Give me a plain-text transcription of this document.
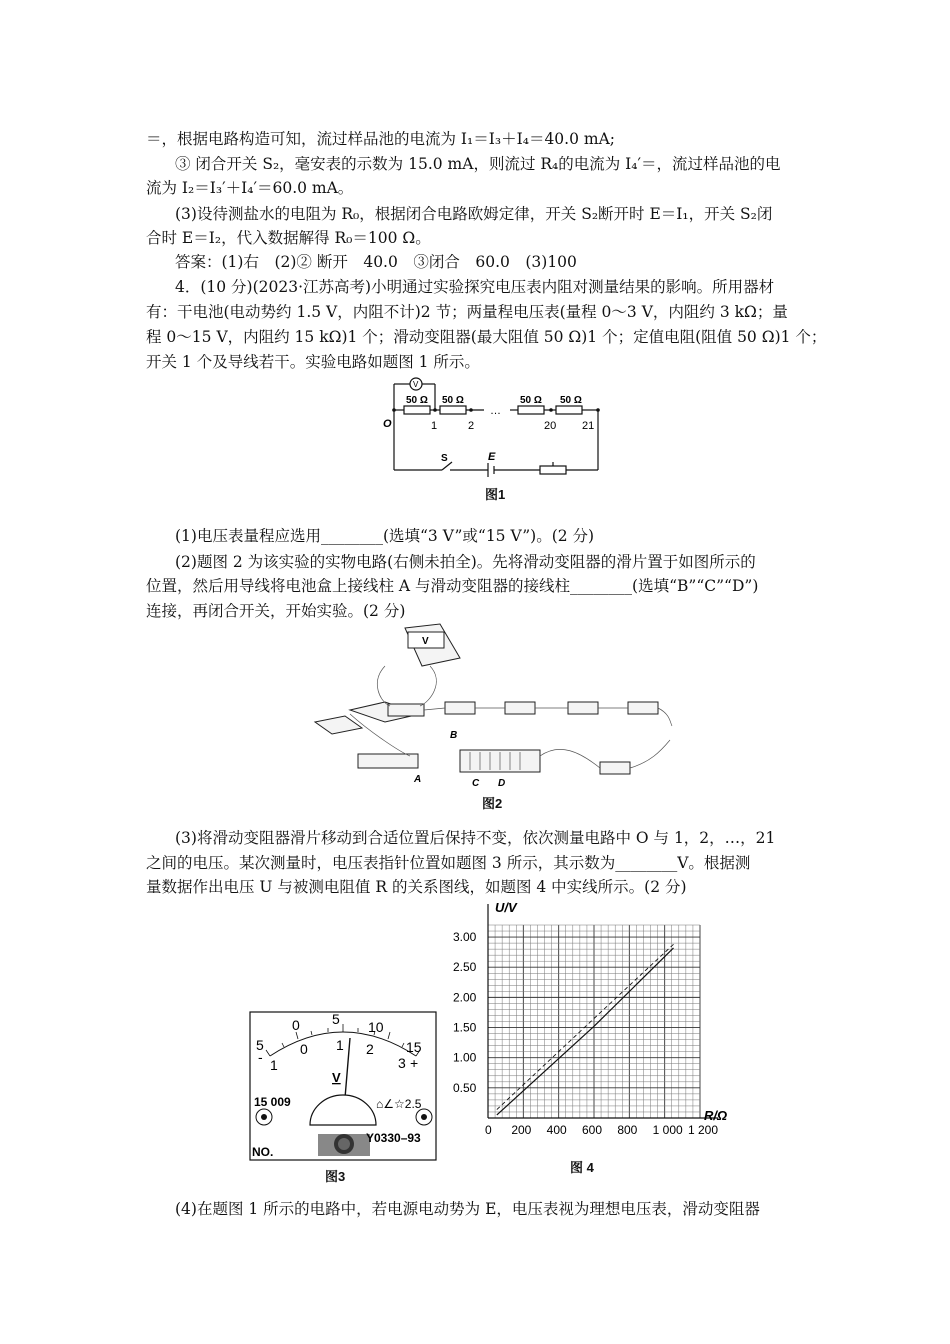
＝，根据电路构造可知，流过样品池的电流为 I₁＝I₃＋I₄＝40.0 mA;
③ 闭合开关 S₂，毫安表的示数为 15.0 mA，则流过 R₄的电流为 I₄′＝，流过样品池的电
流为 I₂＝I₃′＋I₄′＝60.0 mA。
(3)设待测盐水的电阻为 R₀，根据闭合电路欧姆定律，开关 S₂断开时 E＝I₁，开关 S₂闭
合时 E＝I₂，代入数据解得 R₀＝100 Ω。
答案：(1)右　(2)② 断开　40.0　③闭合　60.0　(3)100
4．(10 分)(2023·江苏高考)小明通过实验探究电压表内阻对测量结果的影响。所用器材
有：干电池(电动势约 1.5 V，内阻不计)2 节；两量程电压表(量程 0～3 V，内阻约 3 kΩ；量
程 0～15 V，内阻约 15 kΩ)1 个；滑动变阻器(最大阻值 50 Ω)1 个；定值电阻(阻值 50 Ω)1 个；
开关 1 个及导线若干。实验电路如题图 1 所示。
V
50 Ω 50 Ω	50 Ω 50 Ω
…
O	1	2	20 21
S	E
图1
(1)电压表量程应选用________(选填“3 V”或“15 V”)。(2 分)
(2)题图 2 为该实验的实物电路(右侧未拍全)。先将滑动变阻器的滑片置于如图所示的
位置，然后用导线将电池盒上接线柱 A 与滑动变阻器的接线柱________(选填“B”“C”“D”)
连接，再闭合开关，开始实验。(2 分)
V
A
B
C D
图2
(3)将滑动变阻器滑片移动到合适位置后保持不变，依次测量电路中 O 与 1，2，…，21
之间的电压。某次测量时，电压表指针位置如题图 3 所示，其示数为________V。根据测
量数据作出电压 U 与被测电阻值 R 的关系图线，如题图 4 中实线所示。(2 分)
5
0 5 10
15
1
0 1 2
3
-	+
V
15 009	⌂∠☆2.5
Y0330–93
NO.
图3
0 200 400 600 800 1 000 1 200
0.50
1.00
1.50
2.00
2.50
3.00
U/V
R/Ω
图 4
(4)在题图 1 所示的电路中，若电源电动势为 E，电压表视为理想电压表，滑动变阻器
